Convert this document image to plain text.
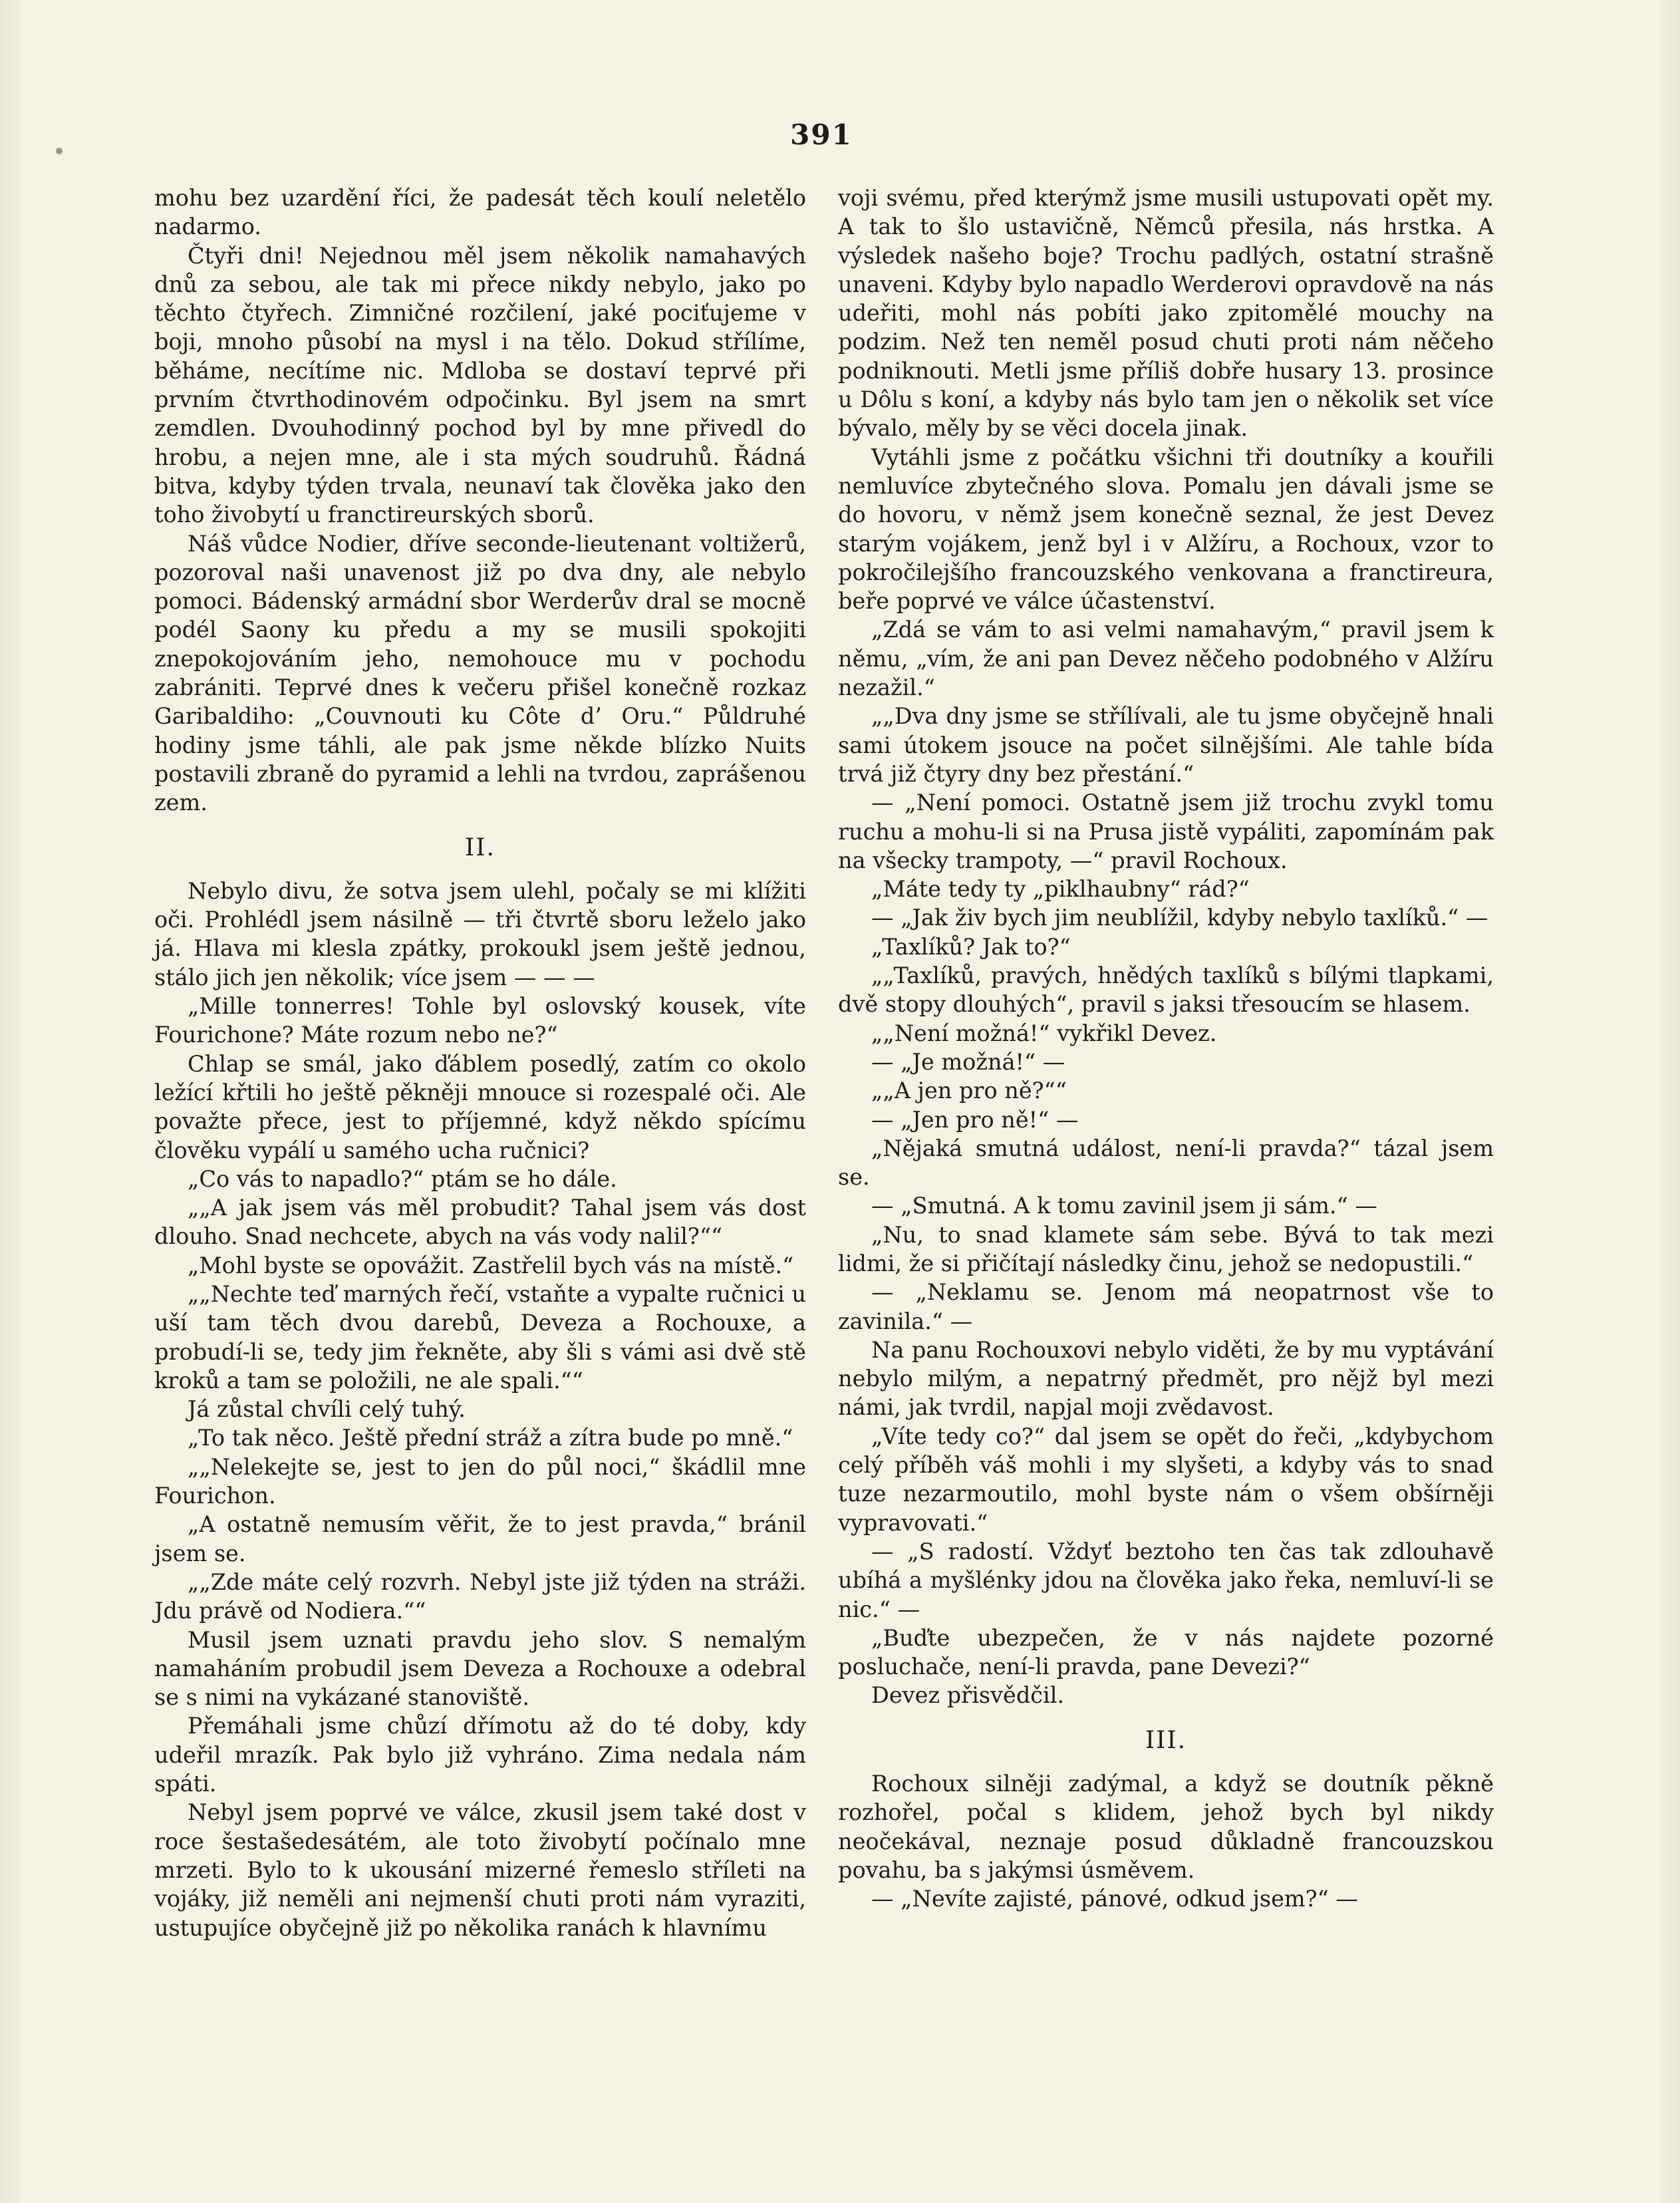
391

mohu bez uzardění říci, že padesát těch koulí neletělo nadarmo.

Čtyři dni! Nejednou měl jsem několik namahavých dnů za sebou, ale tak mi přece nikdy nebylo, jako po těchto čtyřech. Zimničné rozčilení, jaké pociťujeme v boji, mnoho působí na mysl i na tělo. Dokud střílíme, běháme, necítíme nic. Mdloba se dostaví teprvé při prvním čtvrthodinovém odpočinku. Byl jsem na smrt zemdlen. Dvouhodinný pochod byl by mne přivedl do hrobu, a nejen mne, ale i sta mých soudruhů. Řádná bitva, kdyby týden trvala, neunaví tak člověka jako den toho živobytí u franctireurských sborů.

Náš vůdce Nodier, dříve seconde-lieutenant voltižerů, pozoroval naši unavenost již po dva dny, ale nebylo pomoci. Bádenský armádní sbor Werderův dral se mocně podél Saony ku předu a my se musili spokojiti znepokojováním jeho, nemohouce mu v pochodu zabrániti. Teprvé dnes k večeru přišel konečně rozkaz Garibaldiho: „Couvnouti ku Côte d’ Oru.“ Půldruhé hodiny jsme táhli, ale pak jsme někde blízko Nuits postavili zbraně do pyramid a lehli na tvrdou, zaprášenou zem.

II.

Nebylo divu, že sotva jsem ulehl, počaly se mi klížiti oči. Prohlédl jsem násilně — tři čtvrtě sboru leželo jako já. Hlava mi klesla zpátky, prokoukl jsem ještě jednou, stálo jich jen několik; více jsem — — —

„Mille tonnerres! Tohle byl oslovský kousek, víte Fourichone? Máte rozum nebo ne?“

Chlap se smál, jako ďáblem posedlý, zatím co okolo ležící křtili ho ještě pěkněji mnouce si rozespalé oči. Ale považte přece, jest to příjemné, když někdo spícímu člověku vypálí u samého ucha ručnici?

„Co vás to napadlo?“ ptám se ho dále.

„„A jak jsem vás měl probudit? Tahal jsem vás dost dlouho. Snad nechcete, abych na vás vody nalil?““

„Mohl byste se opovážit. Zastřelil bych vás na místě.“

„„Nechte teď marných řečí, vstaňte a vypalte ručnici u uší tam těch dvou darebů, Deveza a Rochouxe, a probudí-li se, tedy jim řekněte, aby šli s vámi asi dvě stě kroků a tam se položili, ne ale spali.““

Já zůstal chvíli celý tuhý.

„To tak něco. Ještě přední stráž a zítra bude po mně.“

„„Nelekejte se, jest to jen do půl noci,“ škádlil mne Fourichon.

„A ostatně nemusím věřit, že to jest pravda,“ bránil jsem se.

„„Zde máte celý rozvrh. Nebyl jste již týden na stráži. Jdu právě od Nodiera.““

Musil jsem uznati pravdu jeho slov. S nemalým namaháním probudil jsem Deveza a Rochouxe a odebral se s nimi na vykázané stanoviště.

Přemáhali jsme chůzí dřímotu až do té doby, kdy udeřil mrazík. Pak bylo již vyhráno. Zima nedala nám spáti.

Nebyl jsem poprvé ve válce, zkusil jsem také dost v roce šestašedesátém, ale toto živobytí počínalo mne mrzeti. Bylo to k ukousání mizerné řemeslo stříleti na vojáky, již neměli ani nejmenší chuti proti nám vyraziti, ustupujíce obyčejně již po několika ranách k hlavnímu

voji svému, před kterýmž jsme musili ustupovati opět my. A tak to šlo ustavičně, Němců přesila, nás hrstka. A výsledek našeho boje? Trochu padlých, ostatní strašně unaveni. Kdyby bylo napadlo Werderovi opravdově na nás udeřiti, mohl nás pobíti jako zpitomělé mouchy na podzim. Než ten neměl posud chuti proti nám něčeho podniknouti. Metli jsme příliš dobře husary 13. prosince u Dôlu s koní, a kdyby nás bylo tam jen o několik set více bývalo, měly by se věci docela jinak.

Vytáhli jsme z počátku všichni tři doutníky a kouřili nemluvíce zbytečného slova. Pomalu jen dávali jsme se do hovoru, v němž jsem konečně seznal, že jest Devez starým vojákem, jenž byl i v Alžíru, a Rochoux, vzor to pokročilejšího francouzského venkovana a franctireura, beře poprvé ve válce účastenství.

„Zdá se vám to asi velmi namahavým,“ pravil jsem k němu, „vím, že ani pan Devez něčeho podobného v Alžíru nezažil.“

„„Dva dny jsme se střílívali, ale tu jsme obyčejně hnali sami útokem jsouce na počet silnějšími. Ale tahle bída trvá již čtyry dny bez přestání.“

— „Není pomoci. Ostatně jsem již trochu zvykl tomu ruchu a mohu-li si na Prusa jistě vypáliti, zapomínám pak na všecky trampoty, —“ pravil Rochoux.

„Máte tedy ty „piklhaubny“ rád?“

— „Jak živ bych jim neublížil, kdyby nebylo taxlíků.“ —

„Taxlíků? Jak to?“

„„Taxlíků, pravých, hnědých taxlíků s bílými tlapkami, dvě stopy dlouhých“, pravil s jaksi třesoucím se hlasem.

„„Není možná!“ vykřikl Devez.

— „Je možná!“ —

„„A jen pro ně?““

— „Jen pro ně!“ —

„Nějaká smutná událost, není-li pravda?“ tázal jsem se.

— „Smutná. A k tomu zavinil jsem ji sám.“ —

„Nu, to snad klamete sám sebe. Bývá to tak mezi lidmi, že si přičítají následky činu, jehož se nedopustili.“

— „Neklamu se. Jenom má neopatrnost vše to zavinila.“ —

Na panu Rochouxovi nebylo viděti, že by mu vyptávání nebylo milým, a nepatrný předmět, pro nějž byl mezi námi, jak tvrdil, napjal moji zvědavost.

„Víte tedy co?“ dal jsem se opět do řeči, „kdybychom celý příběh váš mohli i my slyšeti, a kdyby vás to snad tuze nezarmoutilo, mohl byste nám o všem obšírněji vypravovati.“

— „S radostí. Vždyť beztoho ten čas tak zdlouhavě ubíhá a myšlénky jdou na člověka jako řeka, nemluví-li se nic.“ —

„Buďte ubezpečen, že v nás najdete pozorné posluchače, není-li pravda, pane Devezi?“

Devez přisvědčil.

III.

Rochoux silněji zadýmal, a když se doutník pěkně rozhořel, počal s klidem, jehož bych byl nikdy neočekával, neznaje posud důkladně francouzskou povahu, ba s jakýmsi úsměvem.

— „Nevíte zajisté, pánové, odkud jsem?“ —
